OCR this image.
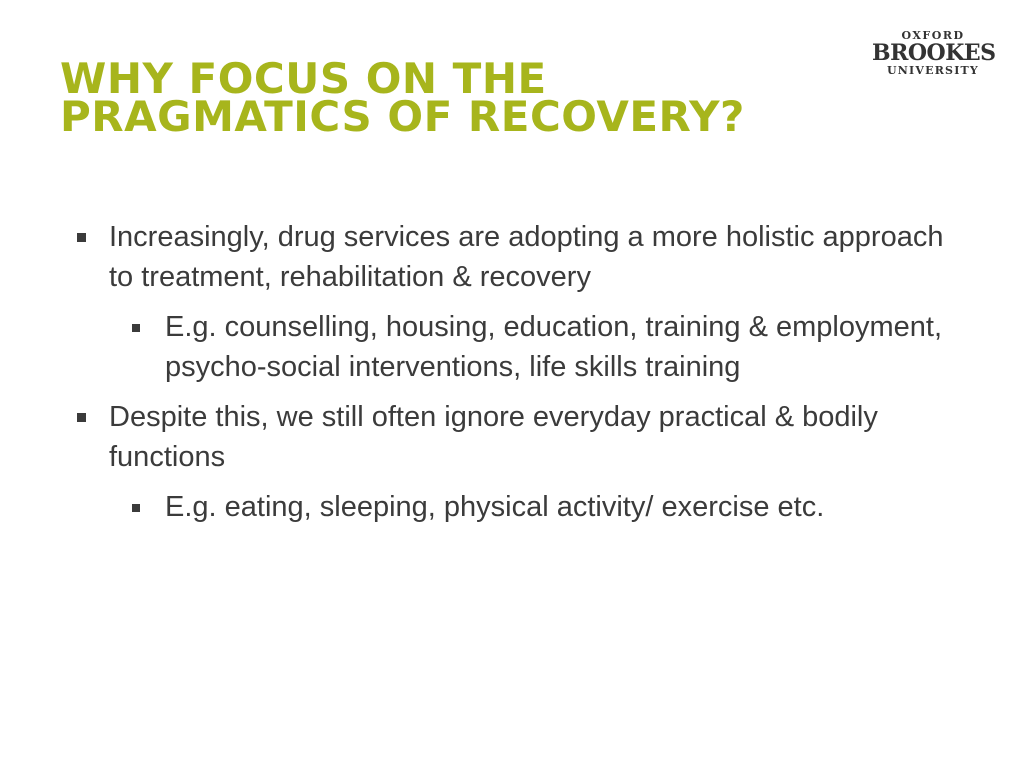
WHY FOCUS ON THE
PRAGMATICS OF RECOVERY?
OXFORD
BROOKES
UNIVERSITY
Increasingly, drug services are adopting a more holistic approach to treatment, rehabilitation & recovery
E.g. counselling, housing, education, training & employment, psycho-social interventions, life skills training
Despite this, we still often ignore everyday practical & bodily functions
E.g. eating, sleeping, physical activity/ exercise etc.
